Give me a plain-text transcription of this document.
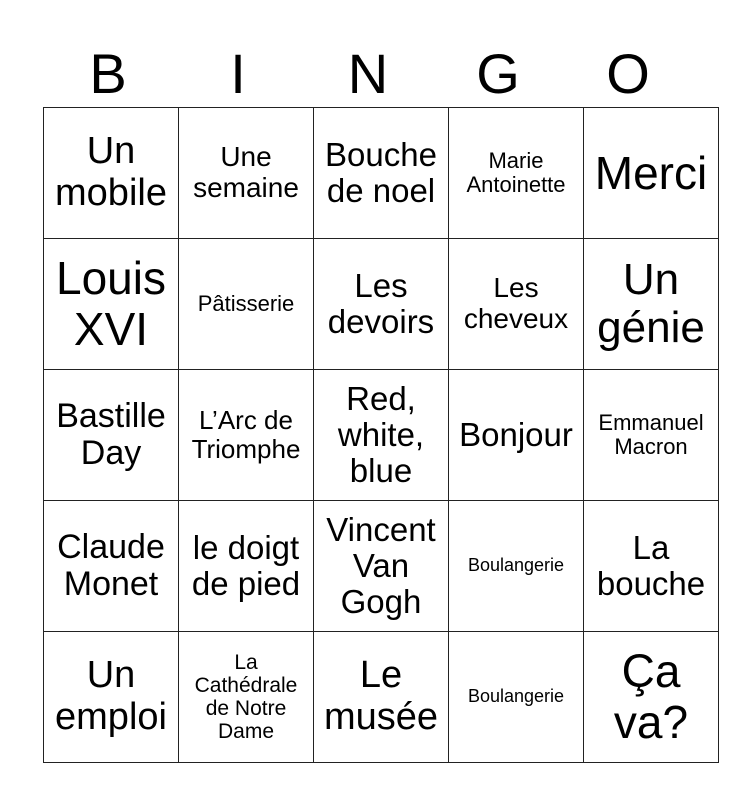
B	I	N	G	O
Un mobile	Une semaine	Bouche de noel	Marie Antoinette	Merci
Louis XVI	Pâtisserie	Les devoirs	Les cheveux	Un génie
Bastille Day	L’Arc de Triomphe	Red, white, blue	Bonjour	Emmanuel Macron
Claude Monet	le doigt de pied	Vincent Van Gogh	Boulangerie	La bouche
Un emploi	La Cathédrale de Notre Dame	Le musée	Boulangerie	Ça va?
